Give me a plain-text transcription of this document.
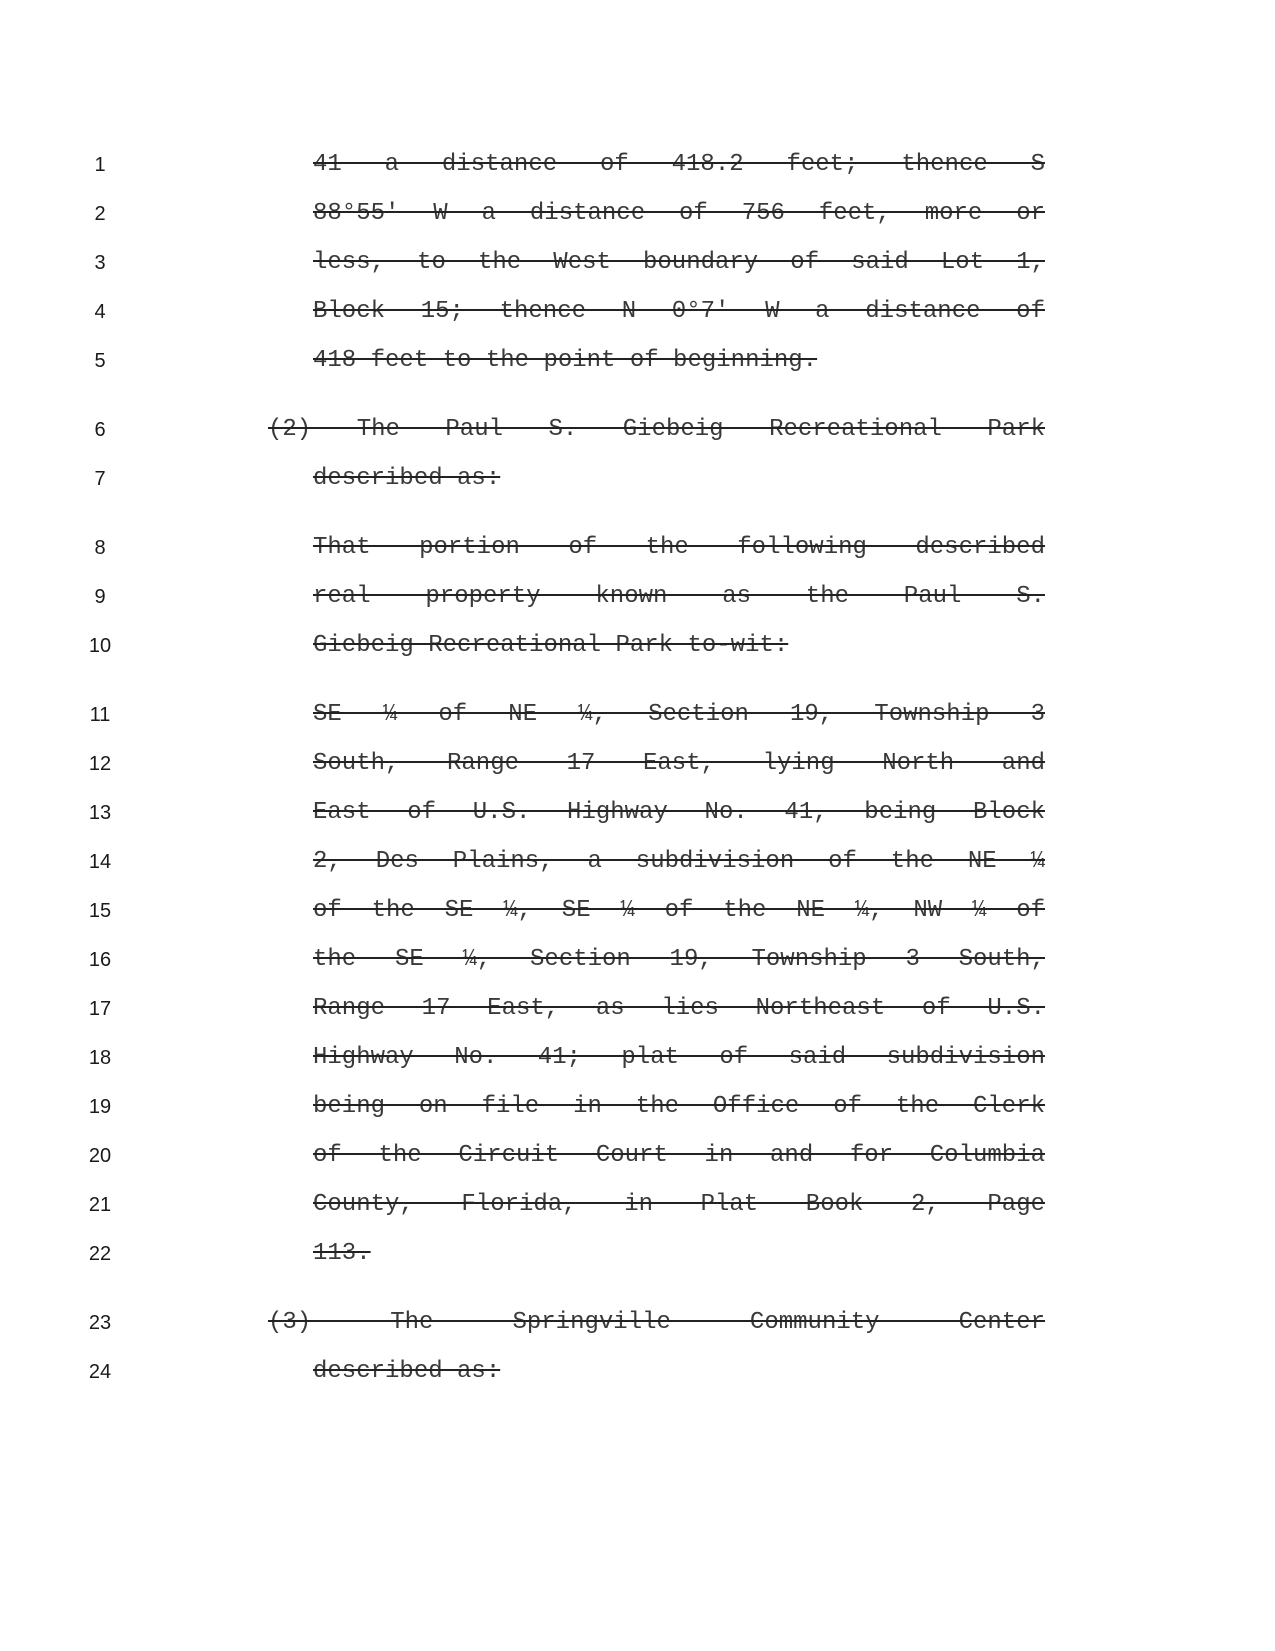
1
2
3
4
5
6
7
8
9
10
11
12
13
14
15
16
17
18
19
20
21
22
23
24
41 a distance of 418.2 feet; thence S
88°55′ W a distance of 756 feet, more or
less, to the West boundary of said Lot 1,
Block 15; thence N 0°7′ W a distance of
418 feet to the point of beginning.
(2) The Paul S. Giebeig Recreational Park
described as:
That portion of the following described
real property known as the Paul S.
Giebeig Recreational Park to-wit:
SE ¼ of NE ¼, Section 19, Township 3
South, Range 17 East, lying North and
East of U.S. Highway No. 41, being Block
2, Des Plains, a subdivision of the NE ¼
of the SE ¼, SE ¼ of the NE ¼, NW ¼ of
the SE ¼, Section 19, Township 3 South,
Range 17 East, as lies Northeast of U.S.
Highway No. 41; plat of said subdivision
being on file in the Office of the Clerk
of the Circuit Court in and for Columbia
County, Florida, in Plat Book 2, Page
113.
(3) The Springville Community Center
described as:
